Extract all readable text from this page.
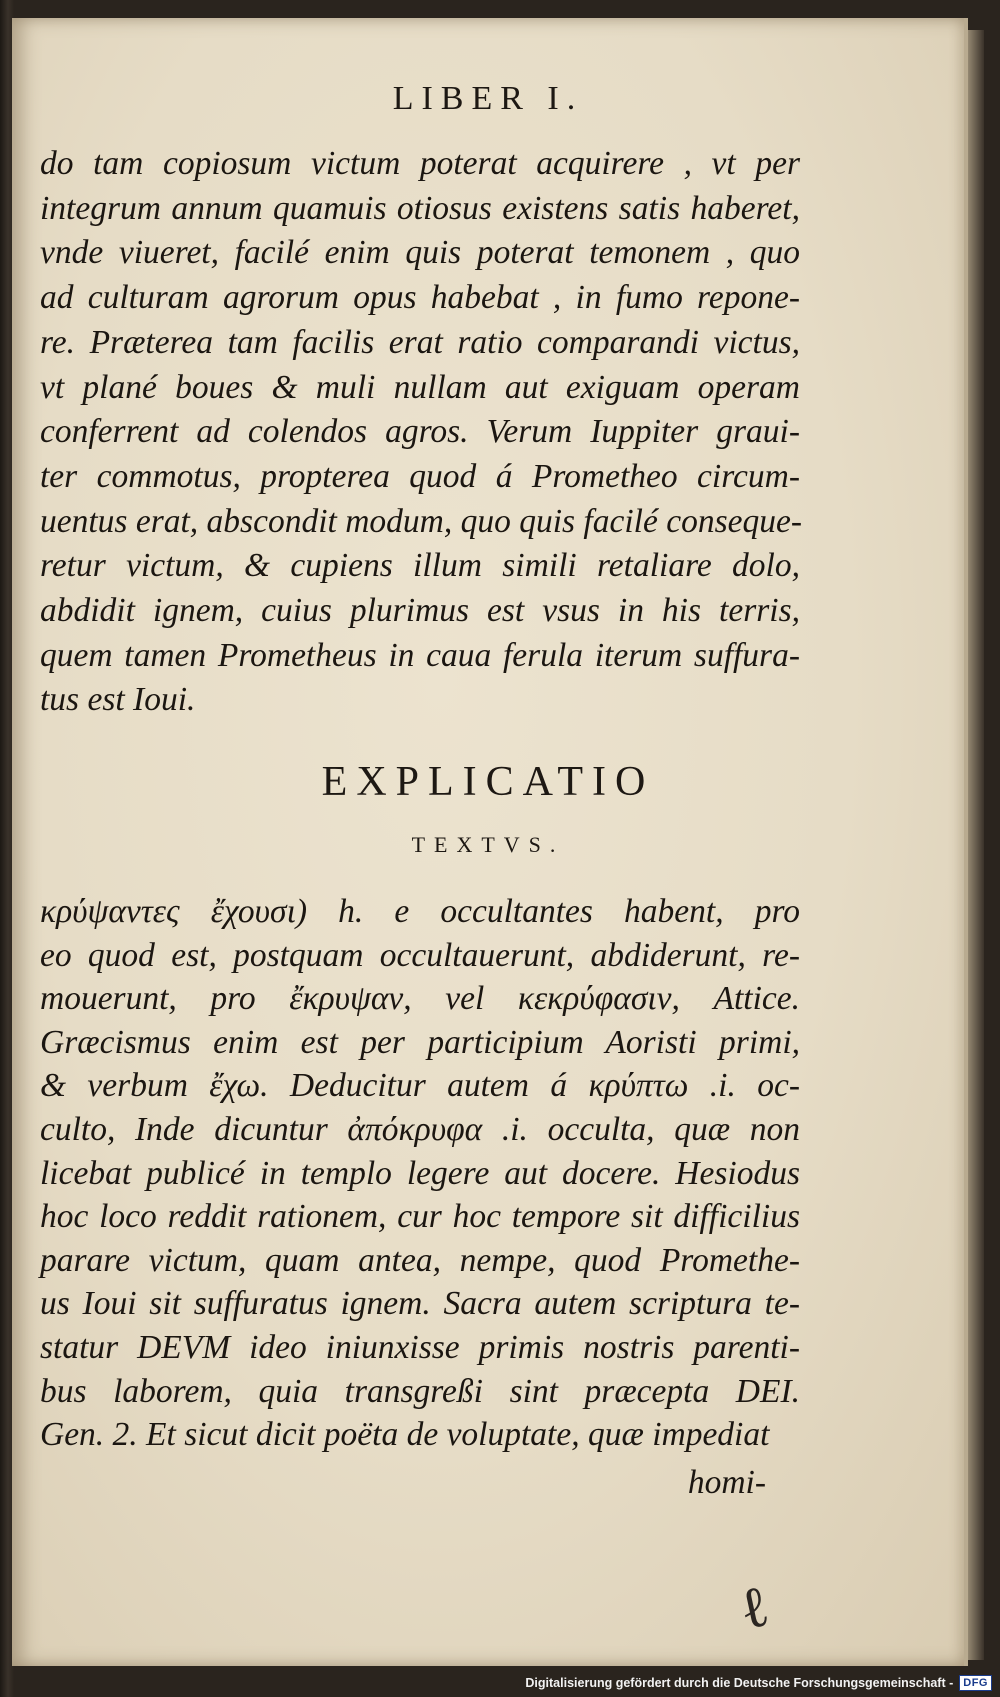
LIBER I.
do tam copiosum victum poterat acquirere , vt per
integrum annum quamuis otiosus existens satis haberet,
vnde viueret, facilé enim quis poterat temonem , quo
ad culturam agrorum opus habebat , in fumo repone-
re. Præterea tam facilis erat ratio comparandi victus,
vt plané boues & muli nullam aut exiguam operam
conferrent ad colendos agros. Verum Iuppiter graui-
ter commotus, propterea quod á Prometheo circum-
uentus erat, abscondit modum, quo quis facilé conseque-
retur victum, & cupiens illum simili retaliare dolo,
abdidit ignem, cuius plurimus est vsus in his terris,
quem tamen Prometheus in caua ferula iterum suffura-
tus est Ioui.
EXPLICATIO
TEXTVS.
κρύψαντες ἔχουσι) h. e occultantes habent, pro
eo quod est, postquam occultauerunt, abdiderunt, re-
mouerunt, pro ἔκρυψαν, vel κεκρύφασιν, Attice.
Græcismus enim est per participium Aoristi primi,
& verbum ἔχω. Deducitur autem á κρύπτω .i. oc-
culto, Inde dicuntur ἀπόκρυφα .i. occulta, quæ non
licebat publicé in templo legere aut docere. Hesiodus
hoc loco reddit rationem, cur hoc tempore sit difficilius
parare victum, quam antea, nempe, quod Promethe-
us Ioui sit suffuratus ignem. Sacra autem scriptura te-
statur DEVM ideo iniunxisse primis nostris parenti-
bus laborem, quia transgreßi sint præcepta DEI.
Gen. 2. Et sicut dicit poëta de voluptate, quæ impediat
homi-
ℓ
Digitalisierung gefördert durch die Deutsche Forschungsgemeinschaft - DFG
